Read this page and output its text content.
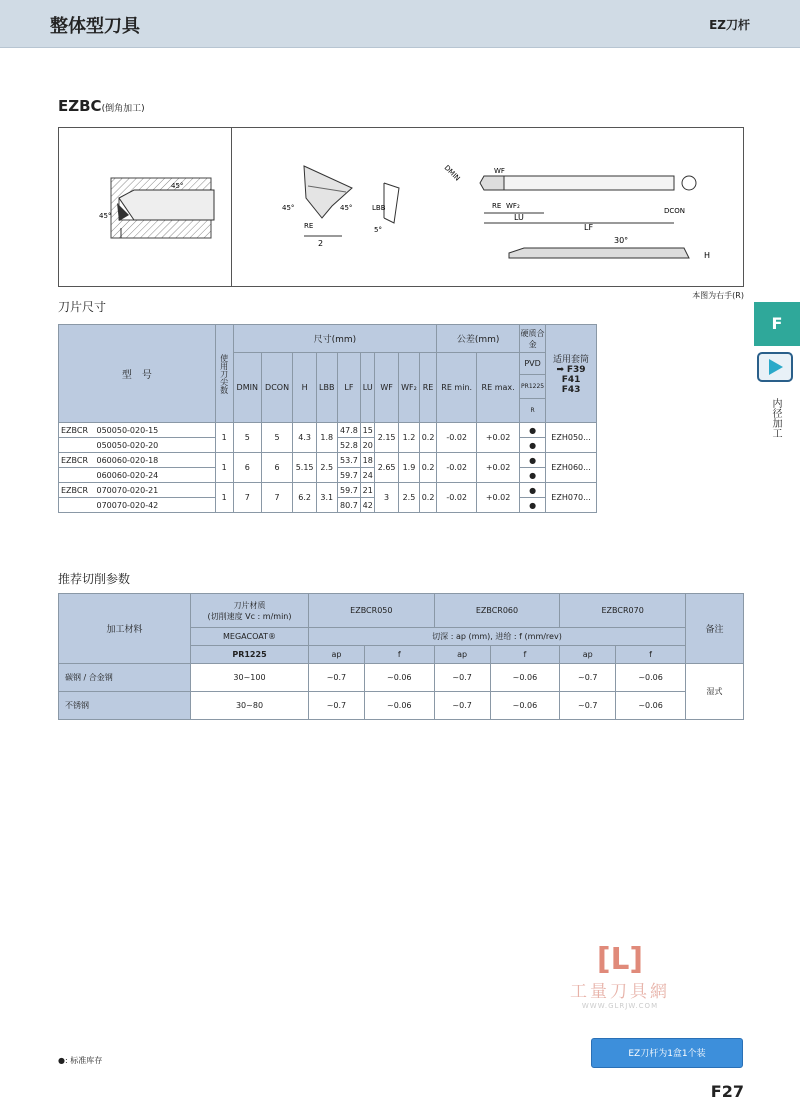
整体型刀具	EZ刀杆
EZBC(倒角加工)
45°
45°
2
45°	45°
RE
LBB
5°
LU
LF
DMIN	WF
RE WF₂
DCON
30°
H
本图为右手(R)
刀片尺寸
型　号		使用刀尖数	尺寸(mm)									公差(mm)		硬质合金	适用套筒
➡ F39
F41
F43

			DMIN	DCON	H	LBB	LF	LU	WF	WF₂	RE	RE min.	RE max.	PVD	
														PR1225	
														R	
EZBCR	050050-020-15	1	5	5	4.3	1.8	47.8	15	2.15	1.2	0.2	-0.02	+0.02	●	EZH050...
	050050-020-20						52.8	20						●	
EZBCR	060060-020-18	1	6	6	5.15	2.5	53.7	18	2.65	1.9	0.2	-0.02	+0.02	●	EZH060...
	060060-020-24						59.7	24						●	
EZBCR	070070-020-21	1	7	7	6.2	3.1	59.7	21	3	2.5	0.2	-0.02	+0.02	●	EZH070...
	070070-020-42						80.7	42						●	
推荐切削参数
加工材料	刀片材质
(切削速度 Vc : m/min)	EZBCR050		EZBCR060		EZBCR070		备注
	MEGACOAT®	切深 : ap (mm), 进给 : f (mm/rev)						
	PR1225	ap	f	ap	f	ap	f	
碳钢 / 合金钢	30~100	~0.7	~0.06	~0.7	~0.06	~0.7	~0.06	湿式
不锈钢	30~80	~0.7	~0.06	~0.7	~0.06	~0.7	~0.06	
F
内径加工
[ᒪ]
工量刀具網
WWW.GLRJW.COM
●: 标准库存
EZ刀杆为1盒1个装
F27
